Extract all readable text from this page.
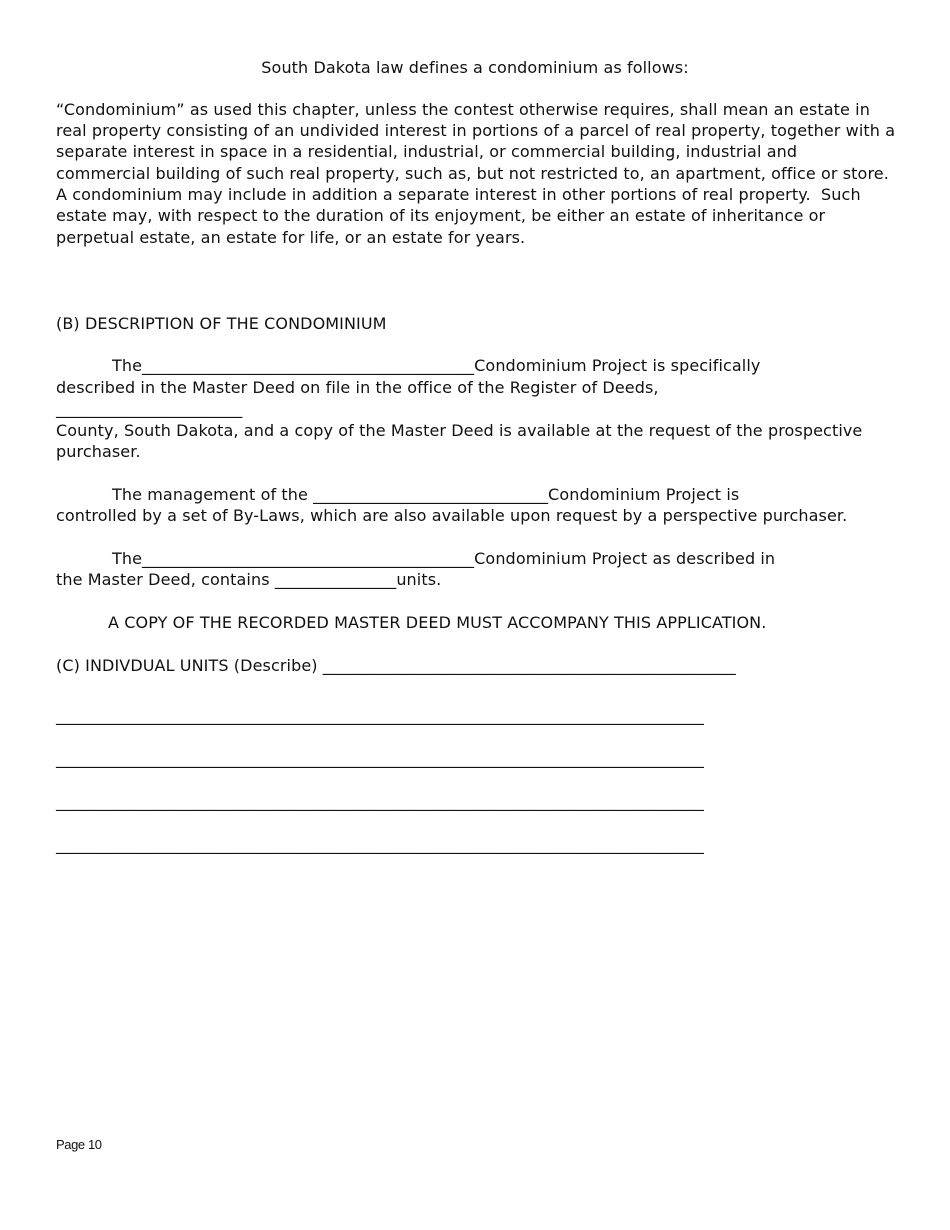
South Dakota law defines a condominium as follows:
“Condominium” as used this chapter, unless the contest otherwise requires, shall mean an estate in
real property consisting of an undivided interest in portions of a parcel of real property, together with a
separate interest in space in a residential, industrial, or commercial building, industrial and
commercial building of such real property, such as, but not restricted to, an apartment, office or store.
A condominium may include in addition a separate interest in other portions of real property.  Such
estate may, with respect to the duration of its enjoyment, be either an estate of inheritance or
perpetual estate, an estate for life, or an estate for years.
(B) DESCRIPTION OF THE CONDOMINIUM
The_________________________________________Condominium Project is specifically
described in the Master Deed on file in the office of the Register of Deeds,
_______________________
County, South Dakota, and a copy of the Master Deed is available at the request of the prospective
purchaser.
The management of the _____________________________Condominium Project is
controlled by a set of By-Laws, which are also available upon request by a perspective purchaser.
The_________________________________________Condominium Project as described in
the Master Deed, contains _______________units.
A COPY OF THE RECORDED MASTER DEED MUST ACCOMPANY THIS APPLICATION.
(C) INDIVDUAL UNITS (Describe) ___________________________________________________
________________________________________________________________________________
________________________________________________________________________________
________________________________________________________________________________
________________________________________________________________________________
Page 10
